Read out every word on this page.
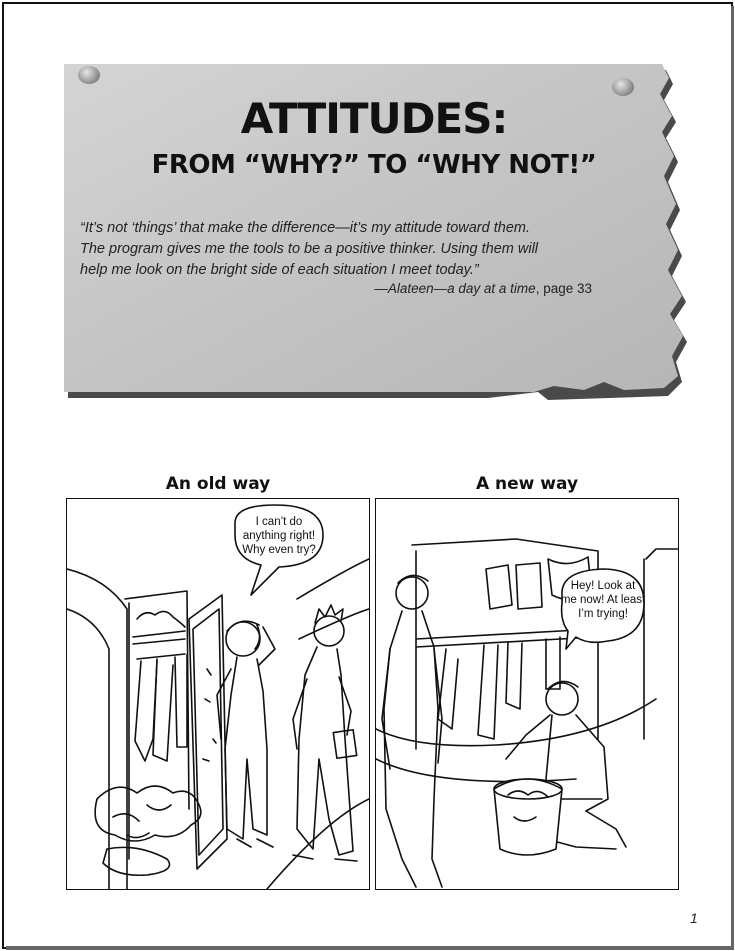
ATTITUDES:
FROM “WHY?” TO “WHY NOT!”
“It’s not ‘things’ that make the difference—it’s my attitude toward them.
The program gives me the tools to be a positive thinker. Using them will
help me look on the bright side of each situation I meet today.”
—Alateen—a day at a time, page 33
An old way	A new way
I can’t do
anything right!
Why even try?
Hey! Look at
me now! At least
I’m trying!
1
